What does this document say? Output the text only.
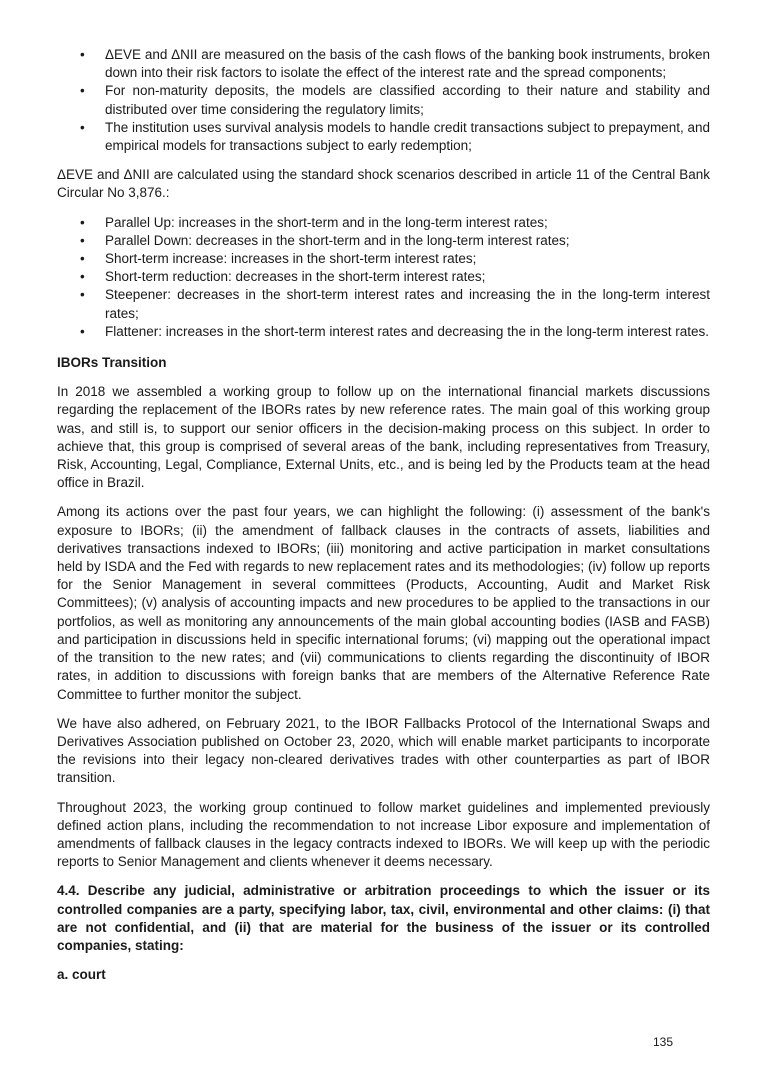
• ΔEVE and ΔNII are measured on the basis of the cash flows of the banking book instruments, broken down into their risk factors to isolate the effect of the interest rate and the spread components;
• For non-maturity deposits, the models are classified according to their nature and stability and distributed over time considering the regulatory limits;
• The institution uses survival analysis models to handle credit transactions subject to prepayment, and empirical models for transactions subject to early redemption;

ΔEVE and ΔNII are calculated using the standard shock scenarios described in article 11 of the Central Bank Circular No 3,876.:

• Parallel Up: increases in the short-term and in the long-term interest rates;
• Parallel Down: decreases in the short-term and in the long-term interest rates;
• Short-term increase: increases in the short-term interest rates;
• Short-term reduction: decreases in the short-term interest rates;
• Steepener: decreases in the short-term interest rates and increasing the in the long-term interest rates;
• Flattener: increases in the short-term interest rates and decreasing the in the long-term interest rates.
IBORs Transition

In 2018 we assembled a working group to follow up on the international financial markets discussions regarding the replacement of the IBORs rates by new reference rates. The main goal of this working group was, and still is, to support our senior officers in the decision-making process on this subject. In order to achieve that, this group is comprised of several areas of the bank, including representatives from Treasury, Risk, Accounting, Legal, Compliance, External Units, etc., and is being led by the Products team at the head office in Brazil.

Among its actions over the past four years, we can highlight the following: (i) assessment of the bank's exposure to IBORs; (ii) the amendment of fallback clauses in the contracts of assets, liabilities and derivatives transactions indexed to IBORs; (iii) monitoring and active participation in market consultations held by ISDA and the Fed with regards to new replacement rates and its methodologies; (iv) follow up reports for the Senior Management in several committees (Products, Accounting, Audit and Market Risk Committees); (v) analysis of accounting impacts and new procedures to be applied to the transactions in our portfolios, as well as monitoring any announcements of the main global accounting bodies (IASB and FASB) and participation in discussions held in specific international forums; (vi) mapping out the operational impact of the transition to the new rates; and (vii) communications to clients regarding the discontinuity of IBOR rates, in addition to discussions with foreign banks that are members of the Alternative Reference Rate Committee to further monitor the subject.

We have also adhered, on February 2021, to the IBOR Fallbacks Protocol of the International Swaps and Derivatives Association published on October 23, 2020, which will enable market participants to incorporate the revisions into their legacy non-cleared derivatives trades with other counterparties as part of IBOR transition.

Throughout 2023, the working group continued to follow market guidelines and implemented previously defined action plans, including the recommendation to not increase Libor exposure and implementation of amendments of fallback clauses in the legacy contracts indexed to IBORs. We will keep up with the periodic reports to Senior Management and clients whenever it deems necessary.

4.4. Describe any judicial, administrative or arbitration proceedings to which the issuer or its controlled companies are a party, specifying labor, tax, civil, environmental and other claims: (i) that are not confidential, and (ii) that are material for the business of the issuer or its controlled companies, stating:

a. court

135
